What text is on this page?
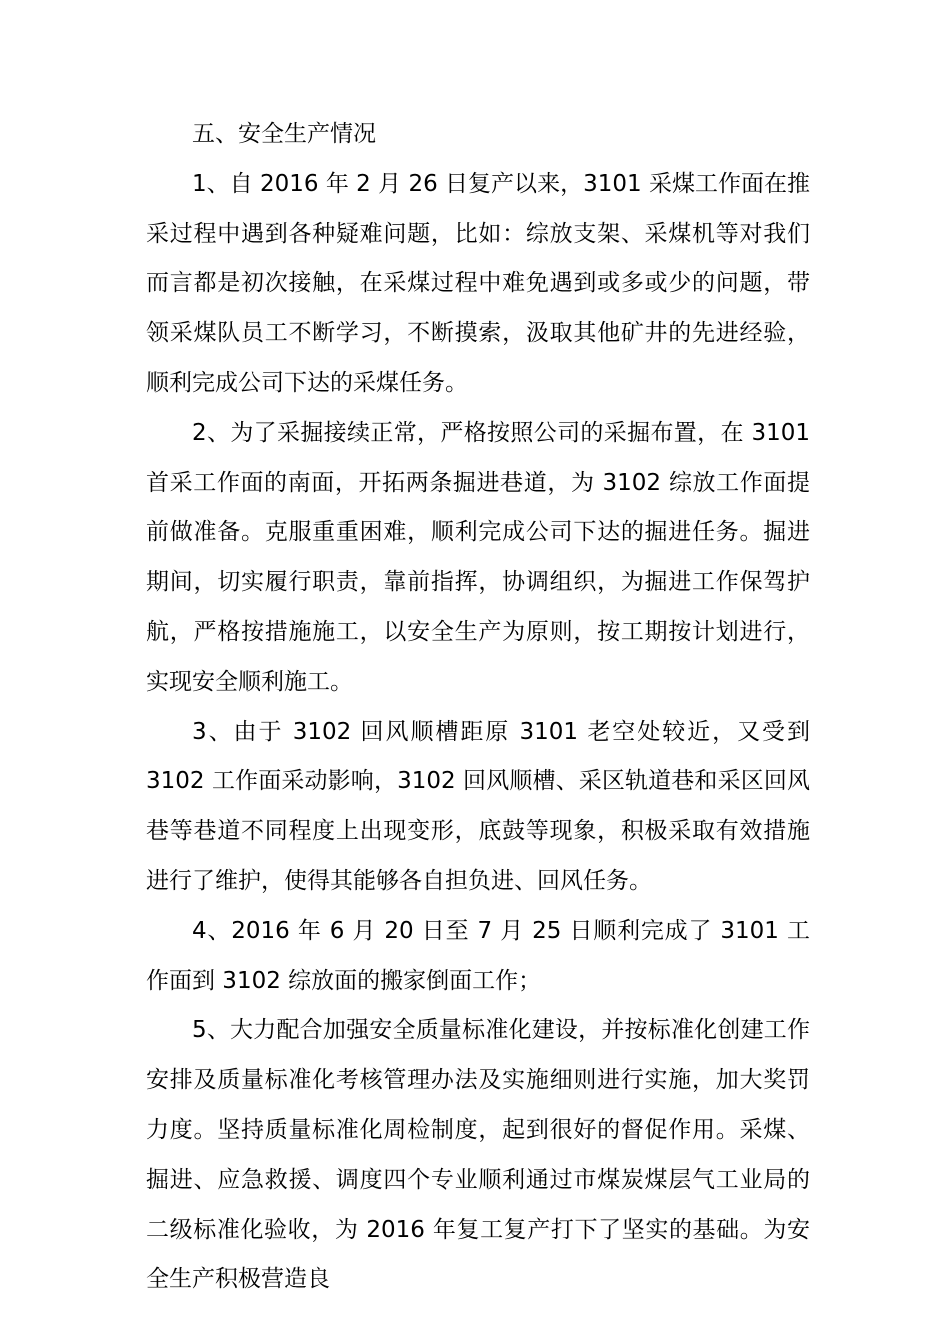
五、安全生产情况

1、自 2016 年 2 月 26 日复产以来，3101 采煤工作面在推采过程中遇到各种疑难问题，比如：综放支架、采煤机等对我们而言都是初次接触，在采煤过程中难免遇到或多或少的问题，带领采煤队员工不断学习，不断摸索，汲取其他矿井的先进经验，顺利完成公司下达的采煤任务。

2、为了采掘接续正常，严格按照公司的采掘布置，在 3101 首采工作面的南面，开拓两条掘进巷道，为 3102 综放工作面提前做准备。克服重重困难，顺利完成公司下达的掘进任务。掘进期间，切实履行职责，靠前指挥，协调组织，为掘进工作保驾护航，严格按措施施工，以安全生产为原则，按工期按计划进行，实现安全顺利施工。

3、由于 3102 回风顺槽距原 3101 老空处较近，又受到 3102 工作面采动影响，3102 回风顺槽、采区轨道巷和采区回风巷等巷道不同程度上出现变形，底鼓等现象，积极采取有效措施进行了维护，使得其能够各自担负进、回风任务。

4、2016 年 6 月 20 日至 7 月 25 日顺利完成了 3101 工作面到 3102 综放面的搬家倒面工作；

5、大力配合加强安全质量标准化建设，并按标准化创建工作安排及质量标准化考核管理办法及实施细则进行实施，加大奖罚力度。坚持质量标准化周检制度，起到很好的督促作用。采煤、掘进、应急救援、调度四个专业顺利通过市煤炭煤层气工业局的二级标准化验收，为 2016 年复工复产打下了坚实的基础。为安全生产积极营造良
